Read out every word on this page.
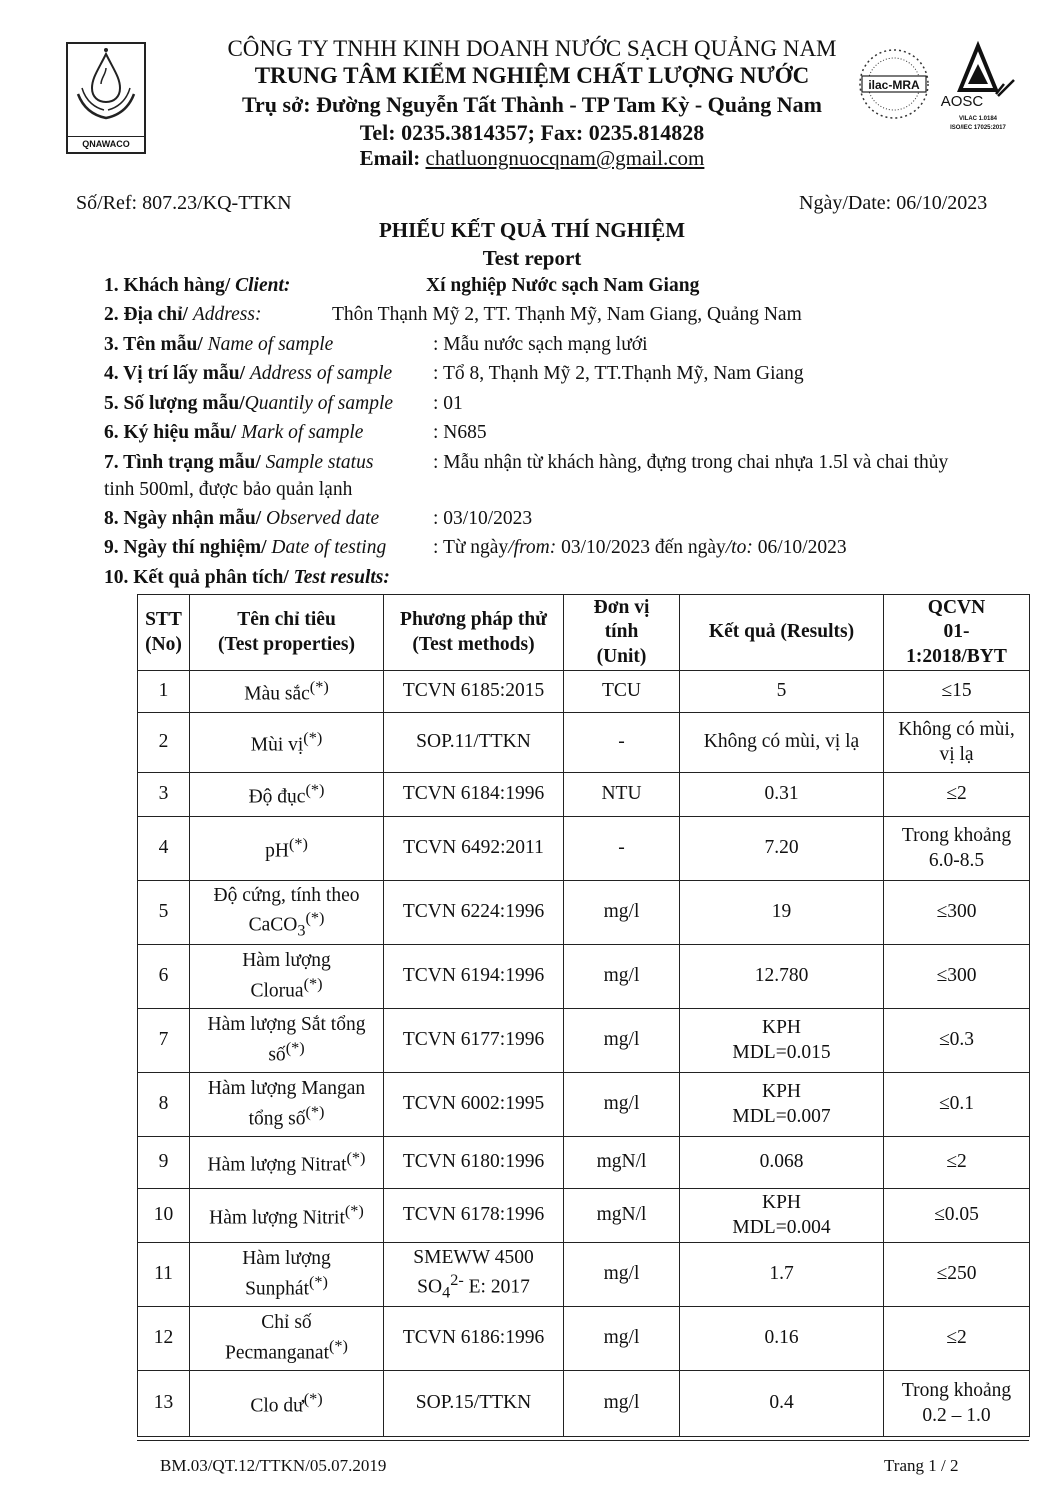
QNAWACO
ilac-MRA
AOSC
VILAC 1.0184
ISO/IEC 17025:2017
CÔNG TY TNHH KINH DOANH NƯỚC SẠCH QUẢNG NAM
TRUNG TÂM KIỂM NGHIỆM CHẤT LƯỢNG NƯỚC
Trụ sở: Đường Nguyễn Tất Thành - TP Tam Kỳ - Quảng Nam
Tel: 0235.3814357; Fax: 0235.814828
Email: chatluongnuocqnam@gmail.com
Số/Ref: 807.23/KQ-TTKN	Ngày/Date: 06/10/2023
PHIẾU KẾT QUẢ THÍ NGHIỆM
Test report
1. Khách hàng/ Client:	Xí nghiệp Nước sạch Nam Giang
2. Địa chỉ/ Address:	Thôn Thạnh Mỹ 2, TT. Thạnh Mỹ, Nam Giang, Quảng Nam
3. Tên mẫu/ Name of sample	: Mẫu nước sạch mạng lưới
4. Vị trí lấy mẫu/ Address of sample : Tổ 8, Thạnh Mỹ 2, TT.Thạnh Mỹ, Nam Giang
5. Số lượng mẫu/Quantily of sample : 01
6. Ký hiệu mẫu/ Mark of sample	: N685
7. Tình trạng mẫu/ Sample status	: Mẫu nhận từ khách hàng, đựng trong chai nhựa 1.5l và chai thủy
tinh 500ml, được bảo quản lạnh
8. Ngày nhận mẫu/ Observed date	: 03/10/2023
9. Ngày thí nghiệm/ Date of testing : Từ ngày/from: 03/10/2023 đến ngày/to: 06/10/2023
10. Kết quả phân tích/ Test results:
STT
(No)	Tên chỉ tiêu
(Test properties)	Phương pháp thử
(Test methods)	Đơn vị
tính
(Unit)	Kết quả (Results)	QCVN
01-
1:2018/BYT
1	Màu sắc(*)	TCVN 6185:2015	TCU	5	≤15
2	Mùi vị(*)	SOP.11/TTKN	-	Không có mùi, vị lạ	Không có mùi,
vị lạ
3	Độ đục(*)	TCVN 6184:1996	NTU	0.31	≤2
4	pH(*)	TCVN 6492:2011	-	7.20	Trong khoảng
6.0-8.5
5	Độ cứng, tính theo
CaCO$_3$(*)	TCVN 6224:1996	mg/l	19	≤300
6	Hàm lượng
Clorua(*)	TCVN 6194:1996	mg/l	12.780	≤300
7	Hàm lượng Sắt tổng
số(*)	TCVN 6177:1996	mg/l	KPH
MDL=0.015	≤0.3
8	Hàm lượng Mangan
tổng số(*)	TCVN 6002:1995	mg/l	KPH
MDL=0.007	≤0.1
9	Hàm lượng Nitrat(*)	TCVN 6180:1996	mgN/l	0.068	≤2
10	Hàm lượng Nitrit(*)	TCVN 6178:1996	mgN/l	KPH
MDL=0.004	≤0.05
11	Hàm lượng
Sunphát(*)	SMEWW 4500
$SO_4^{2-}$ E: 2017	mg/l	1.7	≤250
12	Chỉ số
Pecmanganat(*)	TCVN 6186:1996	mg/l	0.16	≤2
13	Clo dư(*)	SOP.15/TTKN	mg/l	0.4	Trong khoảng
0.2 – 1.0
BM.03/QT.12/TTKN/05.07.2019	Trang 1 / 2
